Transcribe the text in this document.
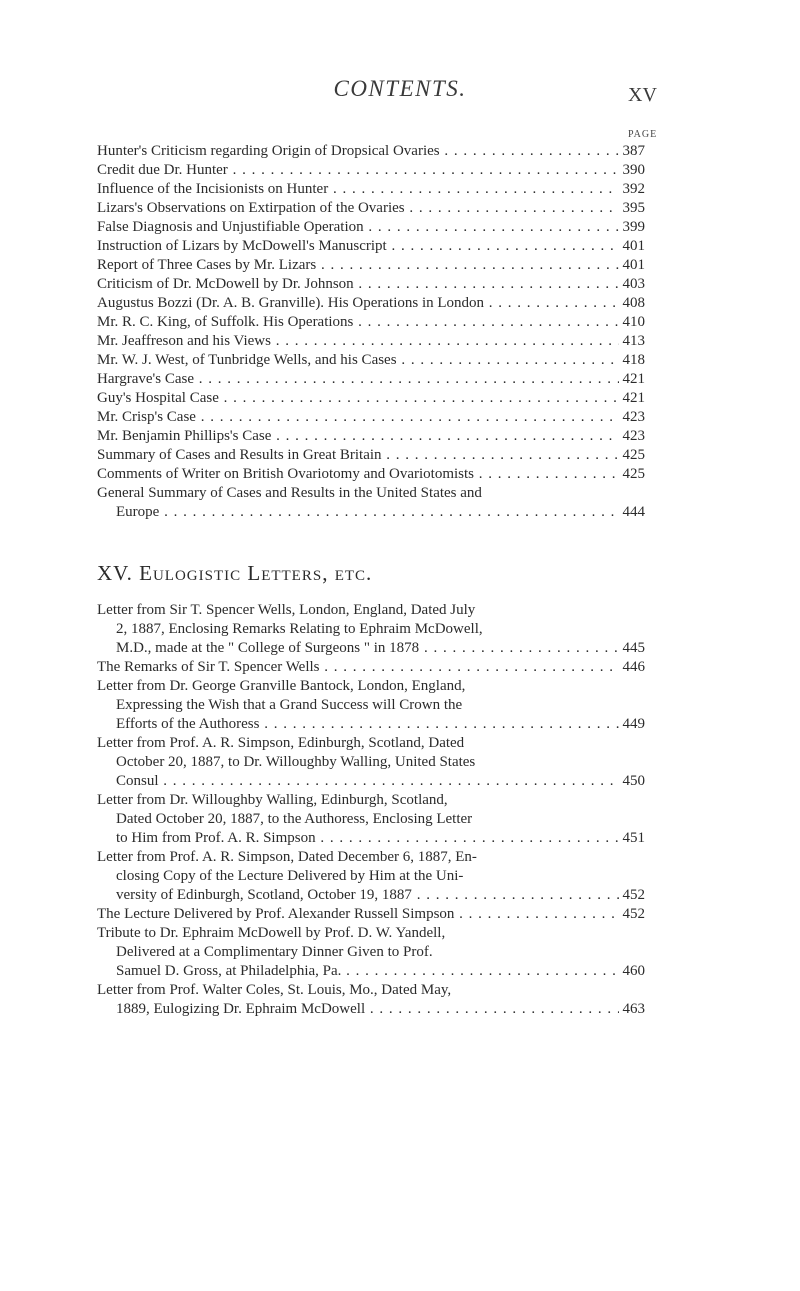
CONTENTS.	XV
PAGE
Hunter's Criticism regarding Origin of Dropsical Ovaries . . .	387
Credit due Dr. Hunter . . .	390
Influence of the Incisionists on Hunter . . .	392
Lizars's Observations on Extirpation of the Ovaries . . .	395
False Diagnosis and Unjustifiable Operation . . .	399
Instruction of Lizars by McDowell's Manuscript . . .	401
Report of Three Cases by Mr. Lizars . . .	401
Criticism of Dr. McDowell by Dr. Johnson . . .	403
Augustus Bozzi (Dr. A. B. Granville). His Operations in London . . .	408
Mr. R. C. King, of Suffolk. His Operations . . .	410
Mr. Jeaffreson and his Views . . .	413
Mr. W. J. West, of Tunbridge Wells, and his Cases . . .	418
Hargrave's Case . . .	421
Guy's Hospital Case . . .	421
Mr. Crisp's Case . . .	423
Mr. Benjamin Phillips's Case . . .	423
Summary of Cases and Results in Great Britain . . .	425
Comments of Writer on British Ovariotomy and Ovariotomists . . .	425
General Summary of Cases and Results in the United States and
Europe . . .	444
XV. Eulogistic Letters, etc.
Letter from Sir T. Spencer Wells, London, England, Dated July
2, 1887, Enclosing Remarks Relating to Ephraim McDowell,
M.D., made at the " College of Surgeons " in 1878 . . .	445
The Remarks of Sir T. Spencer Wells . . .	446
Letter from Dr. George Granville Bantock, London, England,
Expressing the Wish that a Grand Success will Crown the
Efforts of the Authoress . . .	449
Letter from Prof. A. R. Simpson, Edinburgh, Scotland, Dated
October 20, 1887, to Dr. Willoughby Walling, United States
Consul . . .	450
Letter from Dr. Willoughby Walling, Edinburgh, Scotland,
Dated October 20, 1887, to the Authoress, Enclosing Letter
to Him from Prof. A. R. Simpson . . .	451
Letter from Prof. A. R. Simpson, Dated December 6, 1887, En-
closing Copy of the Lecture Delivered by Him at the Uni-
versity of Edinburgh, Scotland, October 19, 1887 . . .	452
The Lecture Delivered by Prof. Alexander Russell Simpson . . .	452
Tribute to Dr. Ephraim McDowell by Prof. D. W. Yandell,
Delivered at a Complimentary Dinner Given to Prof.
Samuel D. Gross, at Philadelphia, Pa. . . .	460
Letter from Prof. Walter Coles, St. Louis, Mo., Dated May,
1889, Eulogizing Dr. Ephraim McDowell . . .	463
